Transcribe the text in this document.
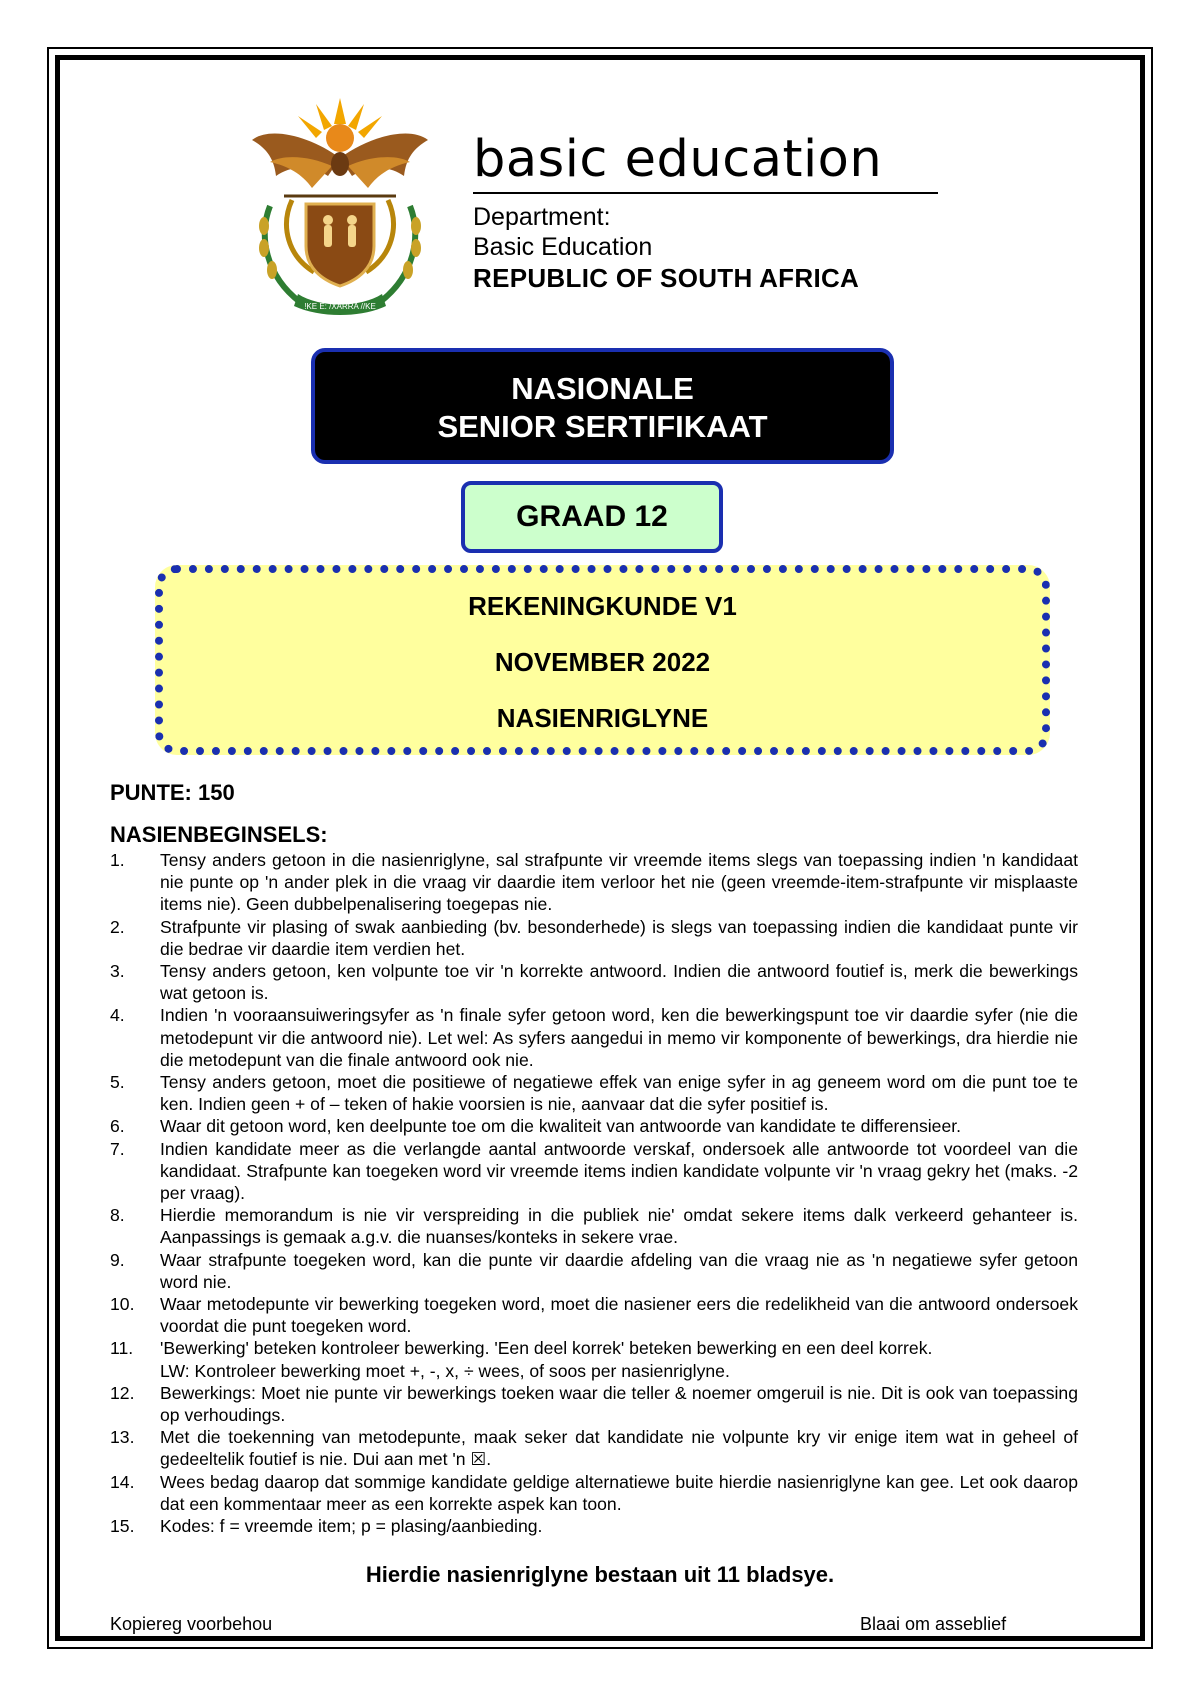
!KE E: /XARRA //KE
basic education
Department:
Basic Education
REPUBLIC OF SOUTH AFRICA
NASIONALE
SENIOR SERTIFIKAAT
GRAAD 12
REKENINGKUNDE V1
NOVEMBER 2022
NASIENRIGLYNE
PUNTE: 150
NASIENBEGINSELS:
1.	Tensy anders getoon in die nasienriglyne, sal strafpunte vir vreemde items slegs van toepassing indien 'n kandidaat nie punte op 'n ander plek in die vraag vir daardie item verloor het nie (geen vreemde-item-strafpunte vir misplaaste items nie). Geen dubbelpenalisering toegepas nie.
2.	Strafpunte vir plasing of swak aanbieding (bv. besonderhede) is slegs van toepassing indien die kandidaat punte vir die bedrae vir daardie item verdien het.
3.	Tensy anders getoon, ken volpunte toe vir 'n korrekte antwoord. Indien die antwoord foutief is, merk die bewerkings wat getoon is.
4.	Indien 'n vooraansuiweringsyfer as 'n finale syfer getoon word, ken die bewerkingspunt toe vir daardie syfer (nie die metodepunt vir die antwoord nie). Let wel: As syfers aangedui in memo vir komponente of bewerkings, dra hierdie nie die metodepunt van die finale antwoord ook nie.
5.	Tensy anders getoon, moet die positiewe of negatiewe effek van enige syfer in ag geneem word om die punt toe te ken. Indien geen + of – teken of hakie voorsien is nie, aanvaar dat die syfer positief is.
6.	Waar dit getoon word, ken deelpunte toe om die kwaliteit van antwoorde van kandidate te differensieer.
7.	Indien kandidate meer as die verlangde aantal antwoorde verskaf, ondersoek alle antwoorde tot voordeel van die kandidaat. Strafpunte kan toegeken word vir vreemde items indien kandidate volpunte vir 'n vraag gekry het (maks. -2 per vraag).
8.	Hierdie memorandum is nie vir verspreiding in die publiek nie' omdat sekere items dalk verkeerd gehanteer is. Aanpassings is gemaak a.g.v. die nuanses/konteks in sekere vrae.
9.	Waar strafpunte toegeken word, kan die punte vir daardie afdeling van die vraag nie as 'n negatiewe syfer getoon word nie.
10.	Waar metodepunte vir bewerking toegeken word, moet die nasiener eers die redelikheid van die antwoord ondersoek voordat die punt toegeken word.
11.	'Bewerking' beteken kontroleer bewerking. 'Een deel korrek' beteken bewerking en een deel korrek.
LW: Kontroleer bewerking moet +, -, x, ÷ wees, of soos per nasienriglyne.
12.	Bewerkings: Moet nie punte vir bewerkings toeken waar die teller & noemer omgeruil is nie. Dit is ook van toepassing op verhoudings.
13.	Met die toekenning van metodepunte, maak seker dat kandidate nie volpunte kry vir enige item wat in geheel of gedeeltelik foutief is nie. Dui aan met 'n ☒.
14.	Wees bedag daarop dat sommige kandidate geldige alternatiewe buite hierdie nasienriglyne kan gee. Let ook daarop dat een kommentaar meer as een korrekte aspek kan toon.
15.	Kodes: f = vreemde item; p = plasing/aanbieding.
Hierdie nasienriglyne bestaan uit 11 bladsye.
Kopiereg voorbehou	Blaai om asseblief
